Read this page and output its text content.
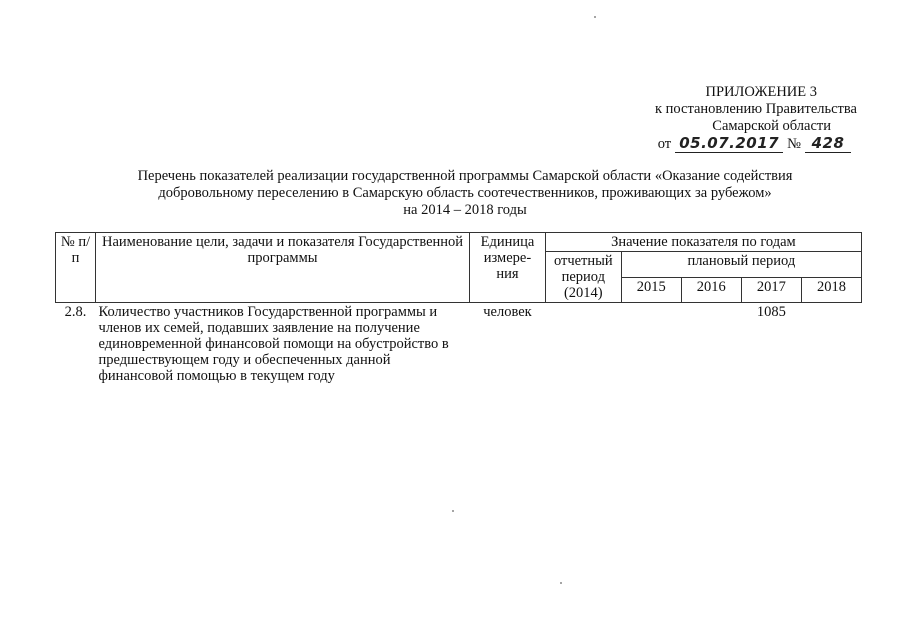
ПРИЛОЖЕНИЕ 3
к постановлению Правительства
Самарской области
от 05.07.2017 № 428
Перечень показателей реализации государственной программы Самарской области «Оказание содействия
добровольному переселению в Самарскую область соотечественников, проживающих за рубежом»
на 2014 – 2018 годы
№ п/п	Наименование цели, задачи и показателя Государственной программы	Единица измере-ния	Значение показателя по годам				
			отчетный период (2014)	плановый период			
				2015	2016	2017	2018
2.8.	Количество участников Государственной программы и членов их семей, подавших заявление на получение единовременной финансовой помощи на обустройство в предшествующем году и обеспеченных данной финансовой помощью в текущем году	человек				1085	
